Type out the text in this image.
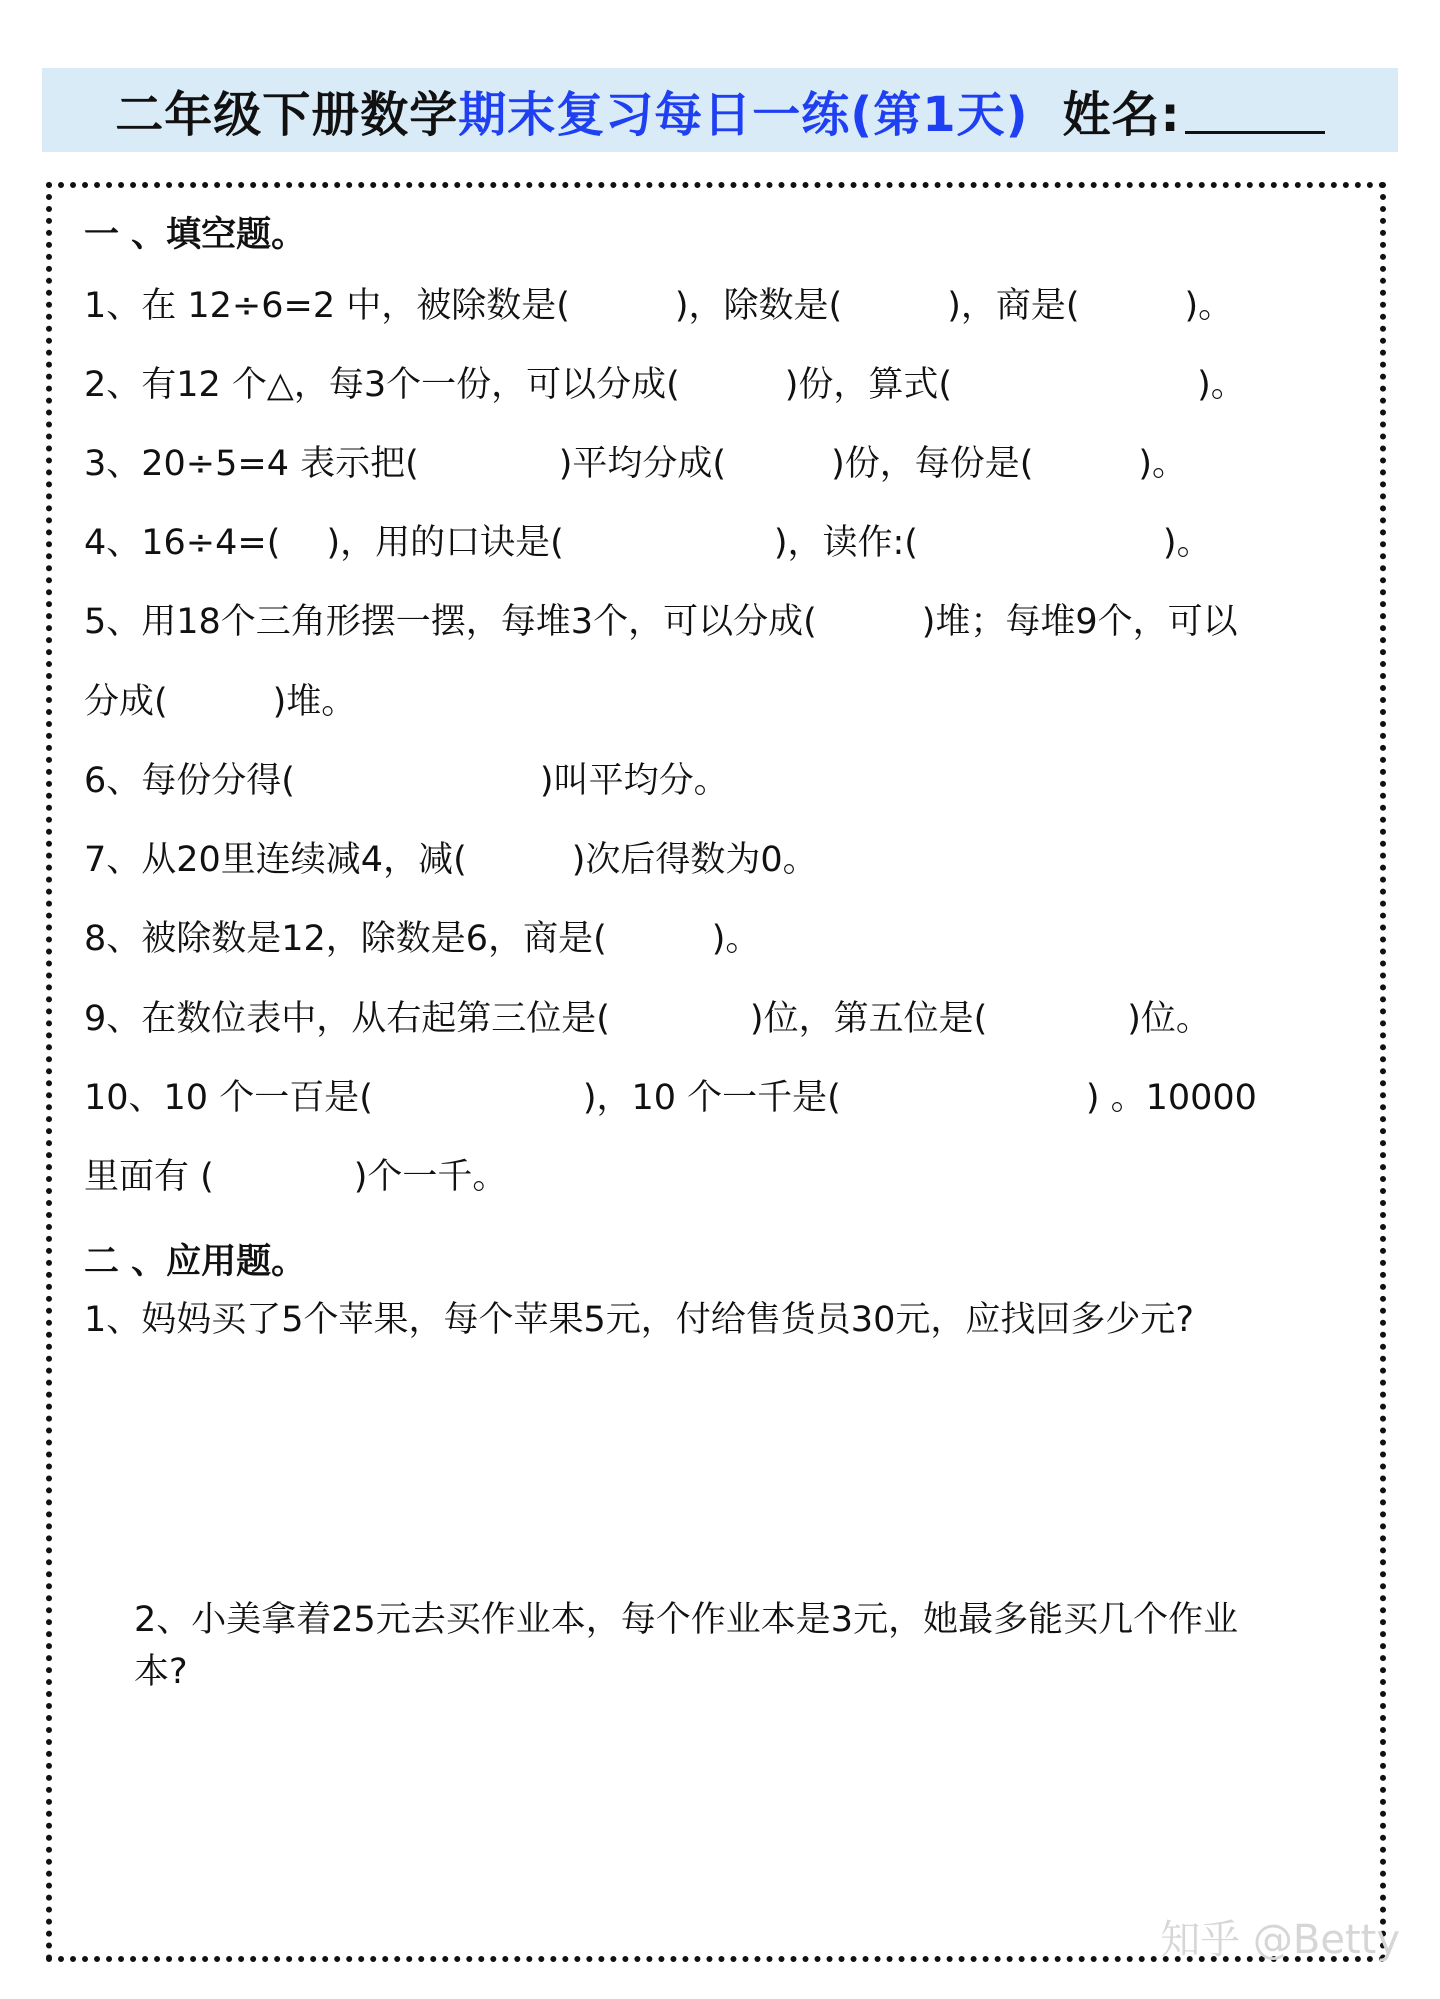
二年级下册数学 期末复习每日一练(第1天) 姓名:
一 、填空题。
1、在 12÷6=2 中，被除数是(　　　)，除数是(　　　)，商是(　　　)。
2、有12 个△，每3个一份，可以分成(　　　)份，算式(　　　　　　　)。
3、20÷5=4 表示把(　　　　)平均分成(　　　)份，每份是(　　　)。
4、16÷4=(　 )，用的口诀是(　　　　　　)，读作:(　　　　　　　)。
5、用18个三角形摆一摆，每堆3个，可以分成(　　　)堆；每堆9个，可以
分成(　　　)堆。
6、每份分得(　　　　　　　)叫平均分。
7、从20里连续减4，减(　　　)次后得数为0。
8、被除数是12，除数是6，商是(　　　)。
9、在数位表中，从右起第三位是(　　　　)位，第五位是(　　　　)位。
10、10 个一百是(　　　　　　)，10 个一千是(　　　　　　　) 。10000
里面有 (　　　　)个一千。
二 、应用题。
1、妈妈买了5个苹果，每个苹果5元，付给售货员30元，应找回多少元?
2、小美拿着25元去买作业本，每个作业本是3元，她最多能买几个作业
本?
知乎 @Betty
